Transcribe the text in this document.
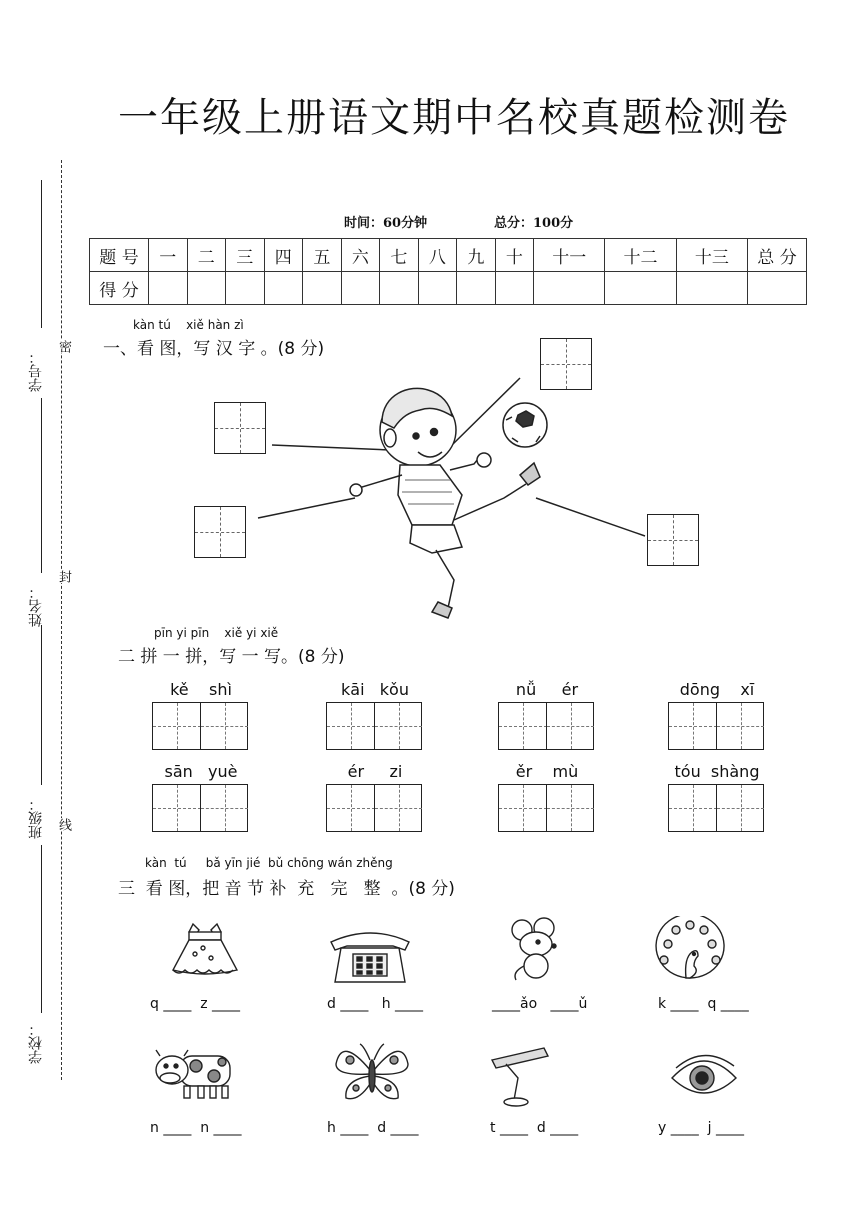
一年级上册语文期中名校真题检测卷
学号：
姓名：
班级：
学校：
密
封
线
时间：60分钟	总分：100分
题 号	一	二	三	四	五	六	七	八	九	十	十一	十二	十三	总 分
得 分														
kàn tú    xiě hàn zì
一、看 图，写 汉 字 。(8 分)
pīn yi pīn    xiě yi xiě
二 拼 一 拼，写 一 写。(8 分)
kě    shì	kāi   kǒu	nǚ     ér	dōng    xī
sān   yuè	ér     zi	ěr    mù	tóu  shàng
kàn  tú     bǎ yīn jié  bǔ chōng wán zhěng
三  看 图，把 音 节 补  充   完   整  。(8 分)
q ____  z ____	d ____   h ____	____ǎo   ____ǔ	k ____  q ____
n ____  n ____	h ____  d ____	t ____  d ____	y ____  j ____
